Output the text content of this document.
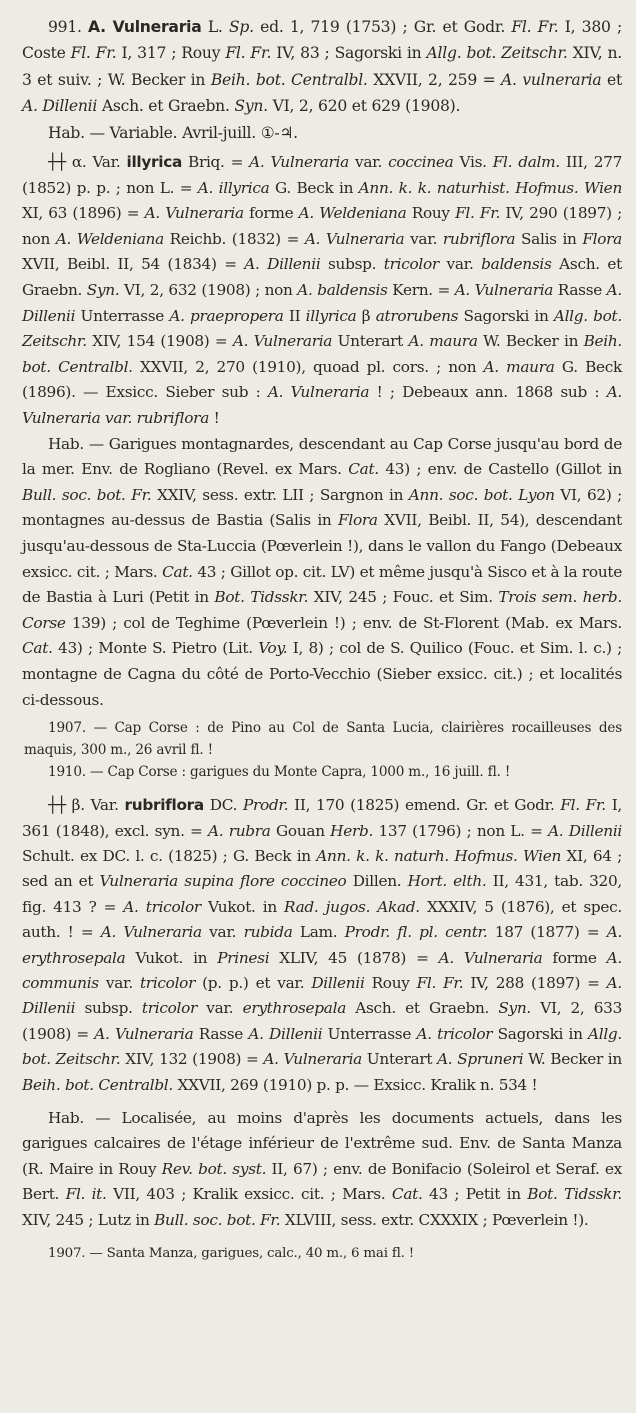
991. A. Vulneraria L. Sp. ed. 1, 719 (1753) ; Gr. et Godr. Fl. Fr. I, 380 ; Coste Fl. Fr. I, 317 ; Rouy Fl. Fr. IV, 83 ; Sagorski in Allg. bot. Zeitschr. XIV, n. 3 et suiv. ; W. Becker in Beih. bot. Centralbl. XXVII, 2, 259 = A. vulneraria et A. Dillenii Asch. et Graebn. Syn. VI, 2, 620 et 629 (1908).
Hab. — Variable. Avril-juill. ①-♃.
┼┼ α. Var. illyrica Briq. = A. Vulneraria var. coccinea Vis. Fl. dalm. III, 277 (1852) p. p. ; non L. = A. illyrica G. Beck in Ann. k. k. naturhist. Hofmus. Wien XI, 63 (1896) = A. Vulneraria forme A. Weldeniana Rouy Fl. Fr. IV, 290 (1897) ; non A. Weldeniana Reichb. (1832) = A. Vulneraria var. rubriflora Salis in Flora XVII, Beibl. II, 54 (1834) = A. Dillenii subsp. tricolor var. baldensis Asch. et Graebn. Syn. VI, 2, 632 (1908) ; non A. baldensis Kern. = A. Vulneraria Rasse A. Dillenii Unterrasse A. praepropera II illyrica β atrorubens Sagorski in Allg. bot. Zeitschr. XIV, 154 (1908) = A. Vulneraria Unterart A. maura W. Becker in Beih. bot. Centralbl. XXVII, 2, 270 (1910), quoad pl. cors. ; non A. maura G. Beck (1896). — Exsicc. Sieber sub : A. Vulneraria ! ; Debeaux ann. 1868 sub : A. Vulneraria var. rubriflora !
Hab. — Garigues montagnardes, descendant au Cap Corse jusqu'au bord de la mer. Env. de Rogliano (Revel. ex Mars. Cat. 43) ; env. de Castello (Gillot in Bull. soc. bot. Fr. XXIV, sess. extr. LII ; Sargnon in Ann. soc. bot. Lyon VI, 62) ; montagnes au-dessus de Bastia (Salis in Flora XVII, Beibl. II, 54), descendant jusqu'au-dessous de Sta-Luccia (Pœverlein !), dans le vallon du Fango (Debeaux exsicc. cit. ; Mars. Cat. 43 ; Gillot op. cit. LV) et même jusqu'à Sisco et à la route de Bastia à Luri (Petit in Bot. Tidsskr. XIV, 245 ; Fouc. et Sim. Trois sem. herb. Corse 139) ; col de Teghime (Pœverlein !) ; env. de St-Florent (Mab. ex Mars. Cat. 43) ; Monte S. Pietro (Lit. Voy. I, 8) ; col de S. Quilico (Fouc. et Sim. l. c.) ; montagne de Cagna du côté de Porto-Vecchio (Sieber exsicc. cit.) ; et localités ci-dessous.
1907. — Cap Corse : de Pino au Col de Santa Lucia, clairières rocailleuses des maquis, 300 m., 26 avril fl. !
1910. — Cap Corse : garigues du Monte Capra, 1000 m., 16 juill. fl. !
┼┼ β. Var. rubriflora DC. Prodr. II, 170 (1825) emend. Gr. et Godr. Fl. Fr. I, 361 (1848), excl. syn. = A. rubra Gouan Herb. 137 (1796) ; non L. = A. Dillenii Schult. ex DC. l. c. (1825) ; G. Beck in Ann. k. k. naturh. Hofmus. Wien XI, 64 ; sed an et Vulneraria supina flore coccineo Dillen. Hort. elth. II, 431, tab. 320, fig. 413 ? = A. tricolor Vukot. in Rad. jugos. Akad. XXXIV, 5 (1876), et spec. auth. ! = A. Vulneraria var. rubida Lam. Prodr. fl. pl. centr. 187 (1877) = A. erythrosepala Vukot. in Prinesi XLIV, 45 (1878) = A. Vulneraria forme A. communis var. tricolor (p. p.) et var. Dillenii Rouy Fl. Fr. IV, 288 (1897) = A. Dillenii subsp. tricolor var. erythrosepala Asch. et Graebn. Syn. VI, 2, 633 (1908) = A. Vulneraria Rasse A. Dillenii Unterrasse A. tricolor Sagorski in Allg. bot. Zeitschr. XIV, 132 (1908) = A. Vulneraria Unterart A. Spruneri W. Becker in Beih. bot. Centralbl. XXVII, 269 (1910) p. p. — Exsicc. Kralik n. 534 !
Hab. — Localisée, au moins d'après les documents actuels, dans les garigues calcaires de l'étage inférieur de l'extrême sud. Env. de Santa Manza (R. Maire in Rouy Rev. bot. syst. II, 67) ; env. de Bonifacio (Soleirol et Seraf. ex Bert. Fl. it. VII, 403 ; Kralik exsicc. cit. ; Mars. Cat. 43 ; Petit in Bot. Tidsskr. XIV, 245 ; Lutz in Bull. soc. bot. Fr. XLVIII, sess. extr. CXXXIX ; Pœverlein !).
1907. — Santa Manza, garigues, calc., 40 m., 6 mai fl. !
